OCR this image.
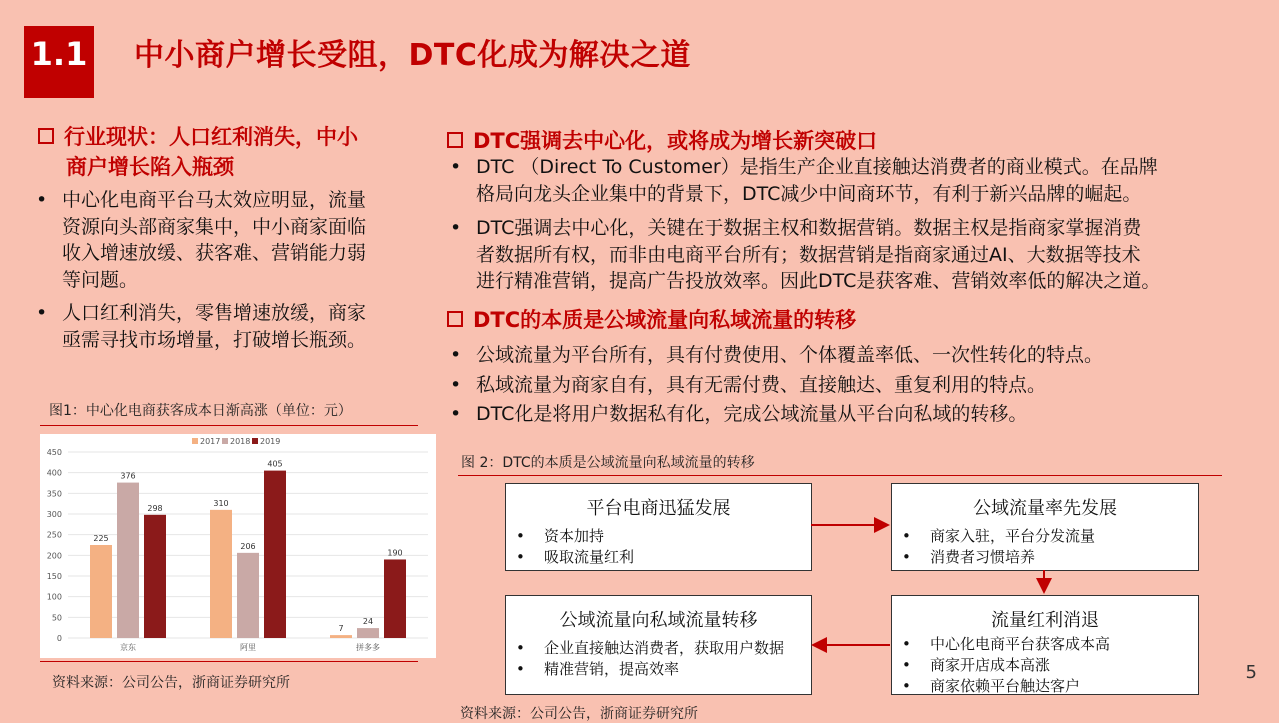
1.1 中小商户增长受阻，DTC化成为解决之道
行业现状：人口红利消失，中小
商户增长陷入瓶颈
• 中心化电商平台马太效应明显，流量
资源向头部商家集中，中小商家面临
收入增速放缓、获客难、营销能力弱
等问题。
• 人口红利消失，零售增速放缓，商家
亟需寻找市场增量，打破增长瓶颈。
图1：中心化电商获客成本日渐高涨（单位：元）
0
50
100
150
200
250
300
350
400
450
2017 2018 2019
225
376
298
京东
310
206
405
阿里
7
24
190
拼多多
资料来源：公司公告，浙商证券研究所
DTC强调去中心化，或将成为增长新突破口
• DTC （Direct To Customer）是指生产企业直接触达消费者的商业模式。在品牌
格局向龙头企业集中的背景下，DTC减少中间商环节，有利于新兴品牌的崛起。
• DTC强调去中心化，关键在于数据主权和数据营销。数据主权是指商家掌握消费
者数据所有权，而非由电商平台所有；数据营销是指商家通过AI、大数据等技术
进行精准营销，提高广告投放效率。因此DTC是获客难、营销效率低的解决之道。
DTC的本质是公域流量向私域流量的转移
• 公域流量为平台所有，具有付费使用、个体覆盖率低、一次性转化的特点。
• 私域流量为商家自有，具有无需付费、直接触达、重复利用的特点。
• DTC化是将用户数据私有化，完成公域流量从平台向私域的转移。
图 2：DTC的本质是公域流量向私域流量的转移
平台电商迅猛发展
• 资本加持
• 吸取流量红利
公域流量率先发展
• 商家入驻，平台分发流量
• 消费者习惯培养
流量红利消退
• 中心化电商平台获客成本高
• 商家开店成本高涨
• 商家依赖平台触达客户
公域流量向私域流量转移
• 企业直接触达消费者，获取用户数据
• 精准营销，提高效率
资料来源：公司公告，浙商证券研究所
5
